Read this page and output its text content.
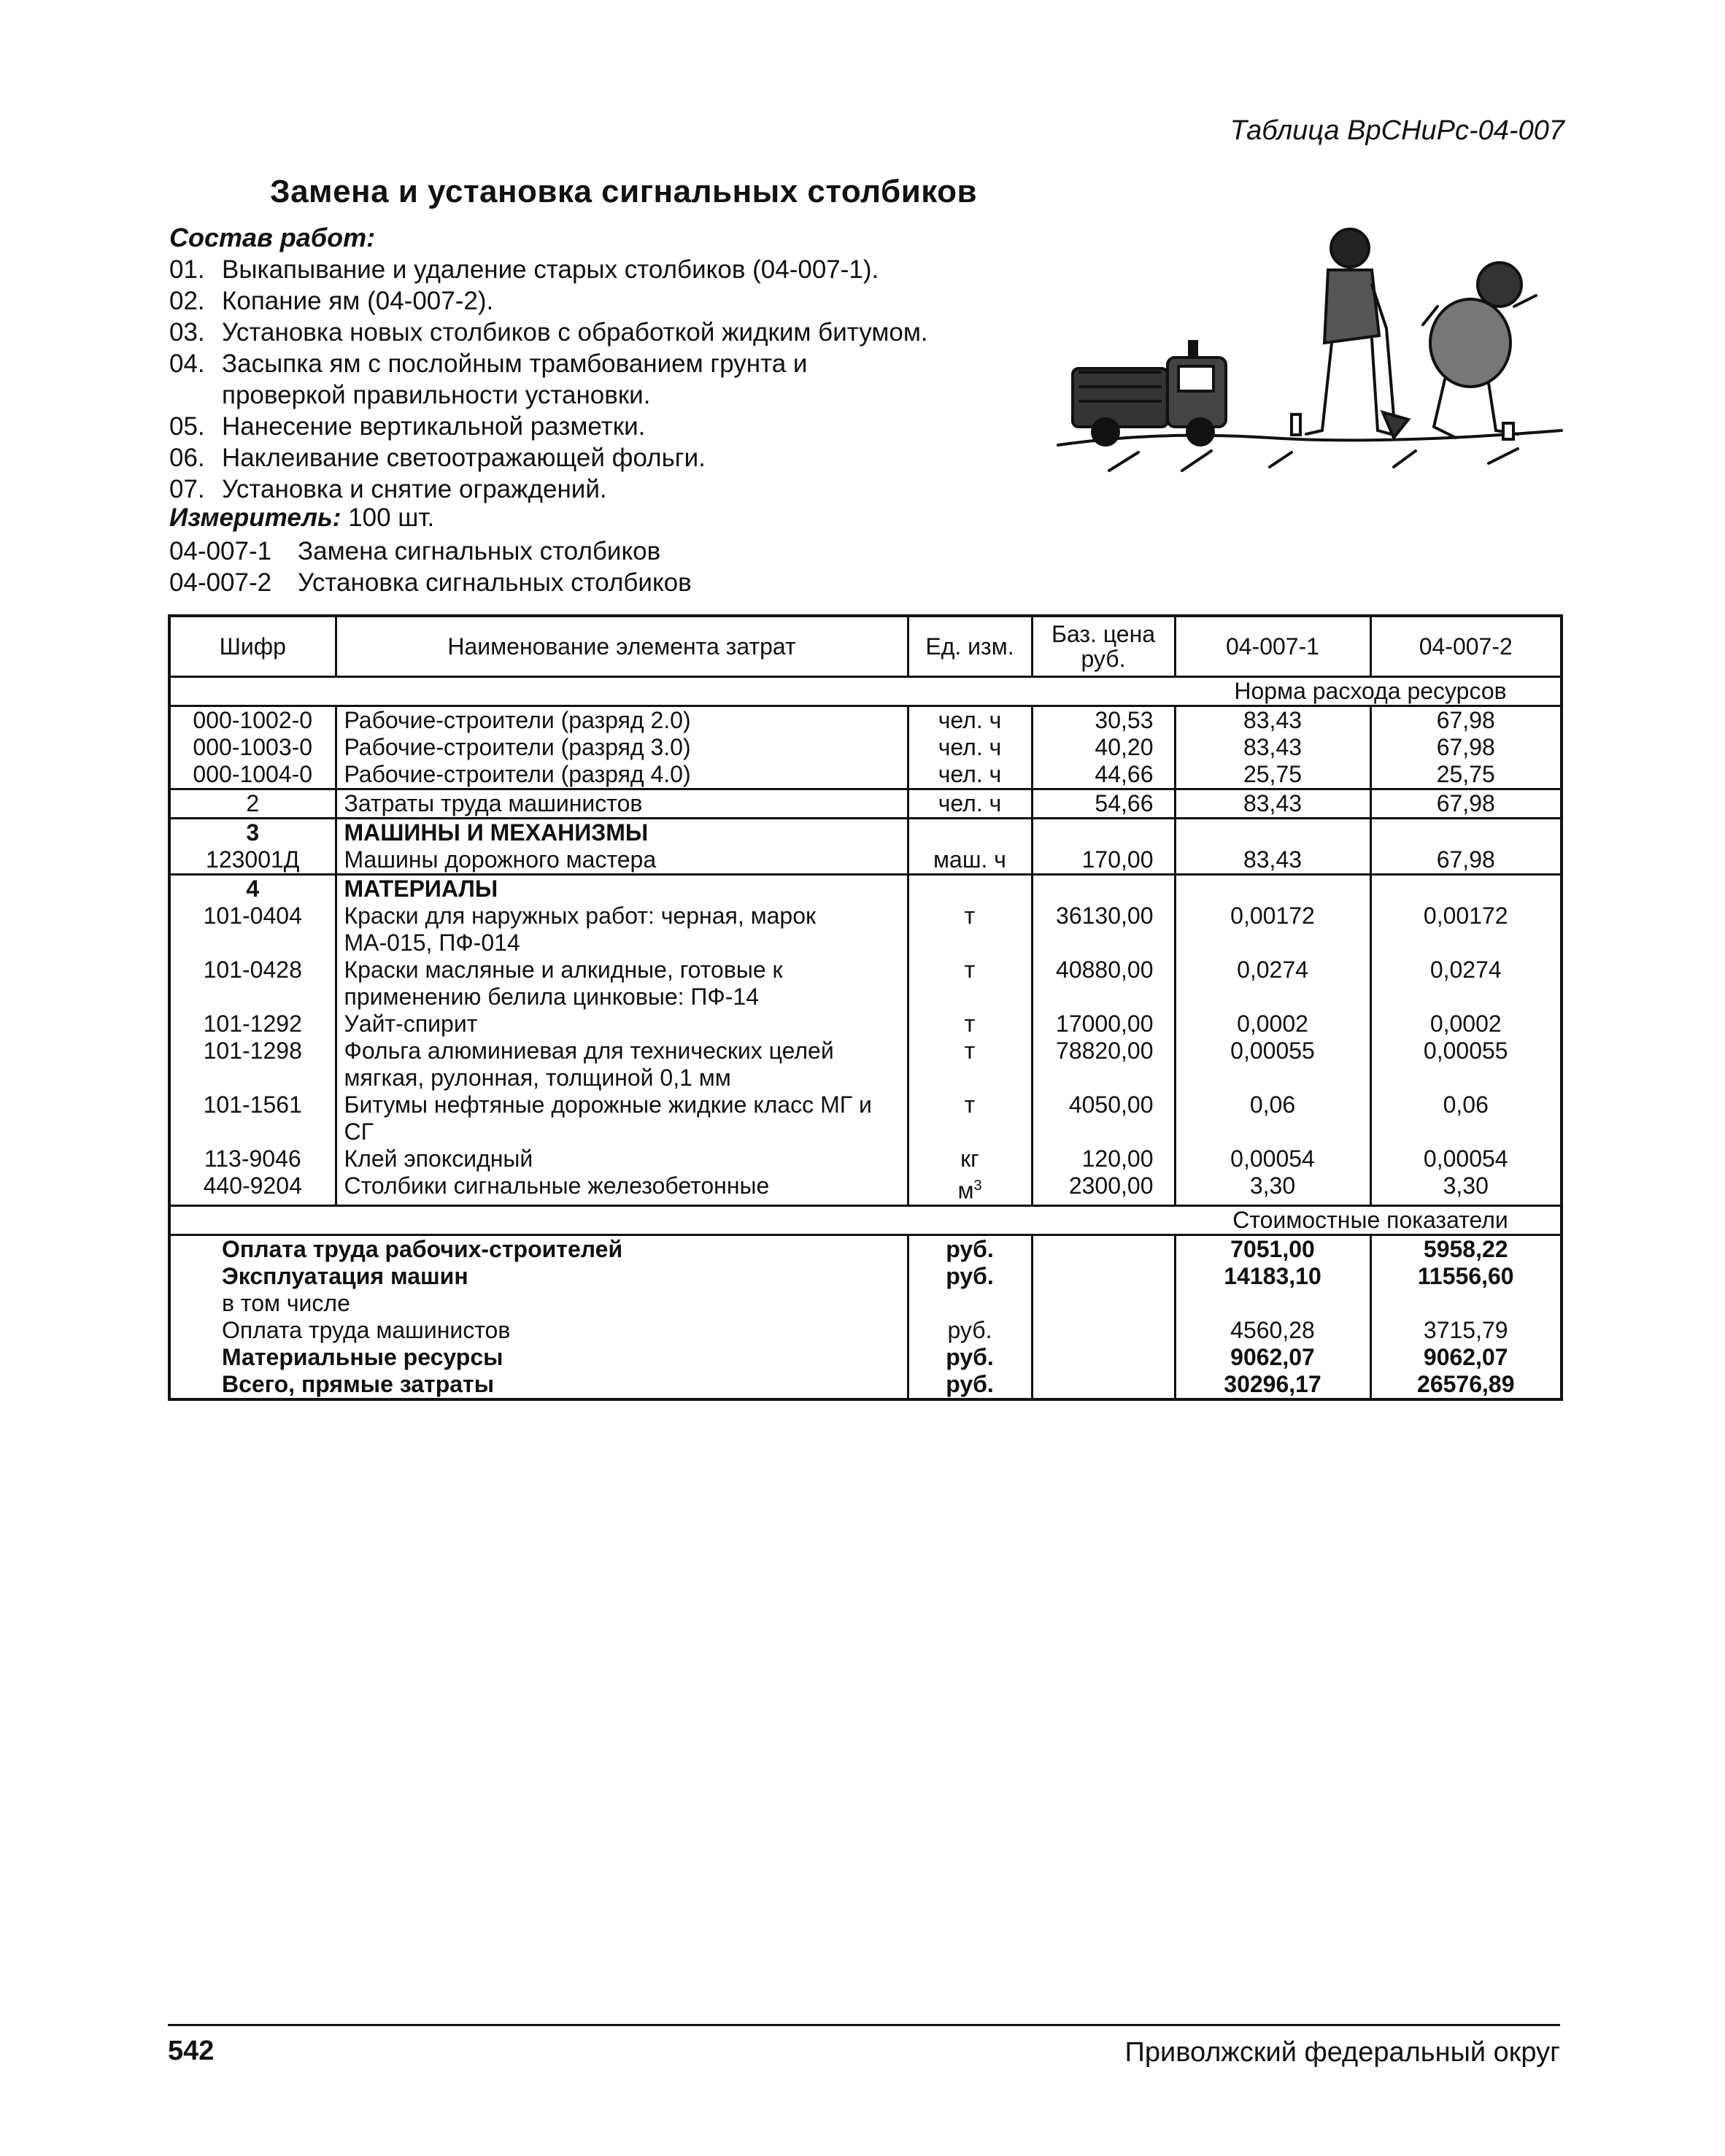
Таблица ВрСНиРс-04-007
Замена и установка сигнальных столбиков
Состав работ:
01. Выкапывание и удаление старых столбиков (04-007-1).
02. Копание ям (04-007-2).
03. Установка новых столбиков с обработкой жидким битумом.
04. Засыпка ям с послойным трамбованием грунта и проверкой правильности установки.
05. Нанесение вертикальной разметки.
06. Наклеивание светоотражающей фольги.
07. Установка и снятие ограждений.
Измеритель: 100 шт.
04-007-1 Замена сигнальных столбиков
04-007-2 Установка сигнальных столбиков
Шифр	Наименование элемента затрат	Ед. изм.	Баз. цена руб.	04-007-1	04-007-2
Норма расхода ресурсов					
000-1002-0	Рабочие-строители (разряд 2.0)	чел. ч	30,53	83,43	67,98
000-1003-0	Рабочие-строители (разряд 3.0)	чел. ч	40,20	83,43	67,98
000-1004-0	Рабочие-строители (разряд 4.0)	чел. ч	44,66	25,75	25,75
2	Затраты труда машинистов	чел. ч	54,66	83,43	67,98
3	МАШИНЫ И МЕХАНИЗМЫ				
123001Д	Машины дорожного мастера	маш. ч	170,00	83,43	67,98
4	МАТЕРИАЛЫ				
101-0404	Краски для наружных работ: черная, марок МА-015, ПФ-014	т	36130,00	0,00172	0,00172
101-0428	Краски масляные и алкидные, готовые к применению белила цинковые: ПФ-14	т	40880,00	0,0274	0,0274
101-1292	Уайт-спирит	т	17000,00	0,0002	0,0002
101-1298	Фольга алюминиевая для технических целей мягкая, рулонная, толщиной 0,1 мм	т	78820,00	0,00055	0,00055
101-1561	Битумы нефтяные дорожные жидкие класс МГ и СГ	т	4050,00	0,06	0,06
113-9046	Клей эпоксидный	кг	120,00	0,00054	0,00054
440-9204	Столбики сигнальные железобетонные	$м^3$	2300,00	3,30	3,30
Стоимостные показатели					
Оплата труда рабочих-строителей		руб.		7051,00	5958,22
Эксплуатация машин		руб.		14183,10	11556,60
в том числе					
Оплата труда машинистов		руб.		4560,28	3715,79
Материальные ресурсы		руб.		9062,07	9062,07
Всего, прямые затраты		руб.		30296,17	26576,89
542	Приволжский федеральный округ
